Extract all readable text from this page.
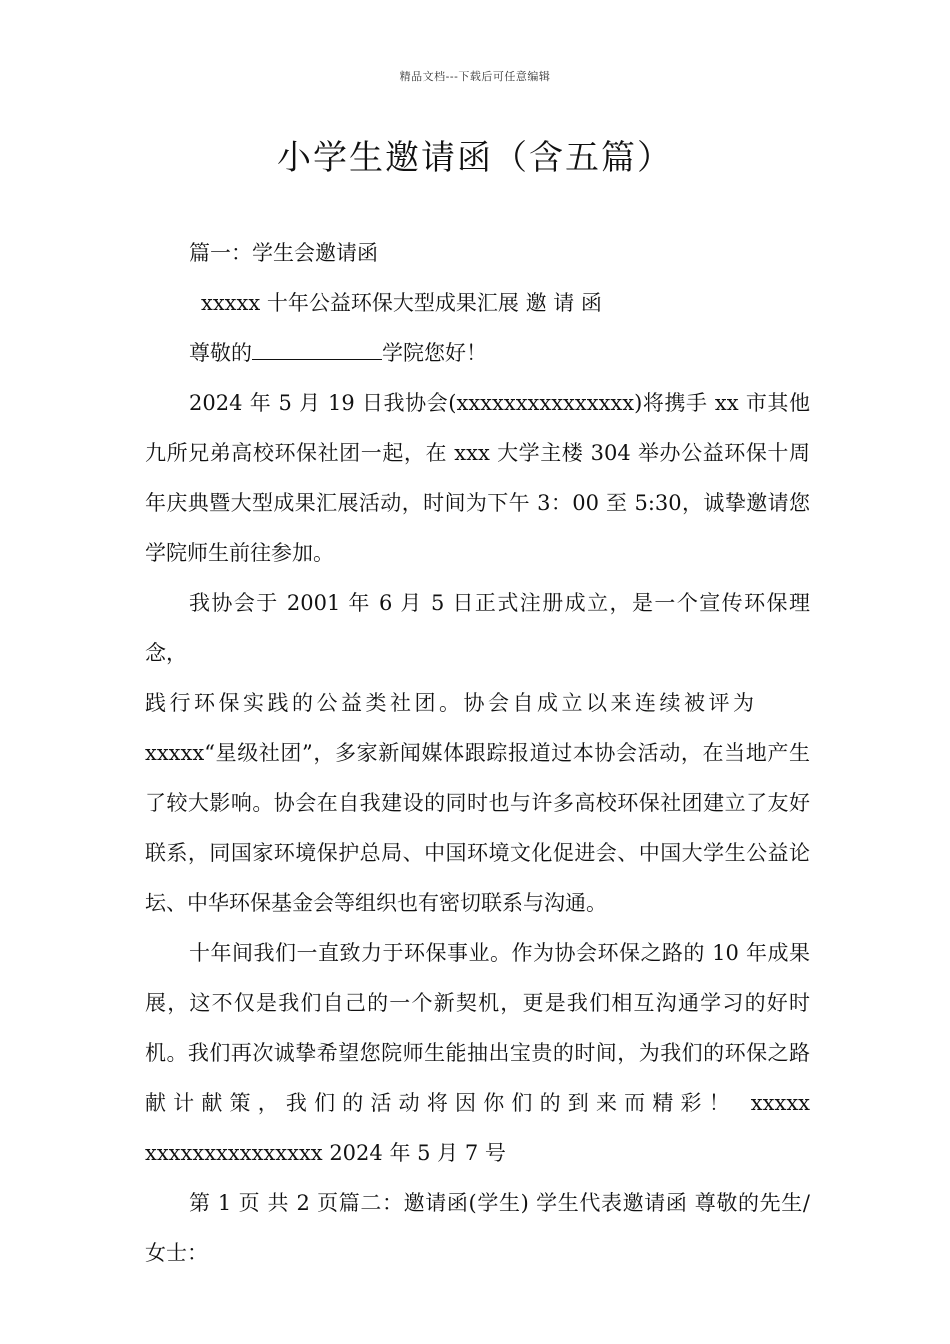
精品文档---下载后可任意编辑
小学生邀请函（含五篇）

篇一：学生会邀请函

xxxxx 十年公益环保大型成果汇展 邀 请 函

尊敬的	学院您好！

2024 年 5 月 19 日我协会(xxxxxxxxxxxxxxx)将携手 xx 市其他九所兄弟高校环保社团一起，在 xxx 大学主楼 304 举办公益环保十周年庆典暨大型成果汇展活动，时间为下午 3：00 至 5:30，诚挚邀请您学院师生前往参加。

我协会于 2001 年 6 月 5 日正式注册成立，是一个宣传环保理念，

践行环保实践的公益类社团。协会自成立以来连续被评为

xxxxx“星级社团”，多家新闻媒体跟踪报道过本协会活动，在当地产生了较大影响。协会在自我建设的同时也与许多高校环保社团建立了友好联系，同国家环境保护总局、中国环境文化促进会、中国大学生公益论坛、中华环保基金会等组织也有密切联系与沟通。

十年间我们一直致力于环保事业。作为协会环保之路的 10 年成果展，这不仅是我们自己的一个新契机，更是我们相互沟通学习的好时机。我们再次诚挚希望您院师生能抽出宝贵的时间，为我们的环保之路献计献策，我们的活动将因你们的到来而精彩！ xxxxx xxxxxxxxxxxxxxx 2024 年 5 月 7 号

第 1 页 共 2 页篇二：邀请函(学生) 学生代表邀请函 尊敬的先生/女士：
